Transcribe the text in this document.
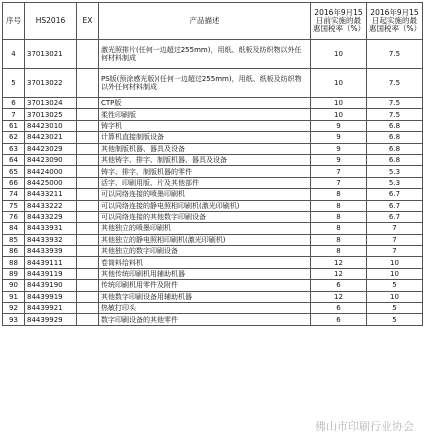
序号	HS2016	EX	产品描述	2016年9月15日前实施的最惠国税率（%）	2016年9月15日起实施的最惠国税率（%）
4	37013021		激光照排片(任何一边超过255mm)，用纸、纸板及纺织物以外任何材料制成	10	7.5
5	37013022		PS版(预涂感光版)(任何一边超过255mm)，用纸、纸板及纺织物以外任何材料制成	10	7.5
6	37013024		CTP版	10	7.5
7	37013025		柔性印刷版	10	7.5
61	84423010		铸字机	9	6.8
62	84423021		计算机直接制版设备	9	6.8
63	84423029		其他制版机器、器具及设备	9	6.8
64	84423090		其他铸字、排字、制版机器、器具及设备	9	6.8
65	84424000		铸字、排字、制版机器的零件	7	5.3
66	84425000		活字、印刷用版、片及其他部件	7	5.3
74	84433211		可以同络连接的喷墨印刷机	8	6.7
75	84433222		可以同络连接的静电照相印刷机(激光印刷机)	8	6.7
76	84433229		可以同络连接的其他数字印刷设备	8	6.7
84	84433931		其他独立的喷墨印刷机	8	7
85	84433932		其他独立的静电照相印刷机(激光印刷机)	8	7
86	84433939		其他独立的数字印刷设备	8	7
88	84439111		卷筒料给料机	12	10
89	84439119		其他传统印刷机用辅助机器	12	10
90	84439190		传统印刷机用零件及附件	6	5
91	84439919		其他数字印刷设备用辅助机器	12	10
92	84439921		热敏打印头	6	5
93	84439929		数字印刷设备的其他零件	6	5
佛山市印刷行业协会
